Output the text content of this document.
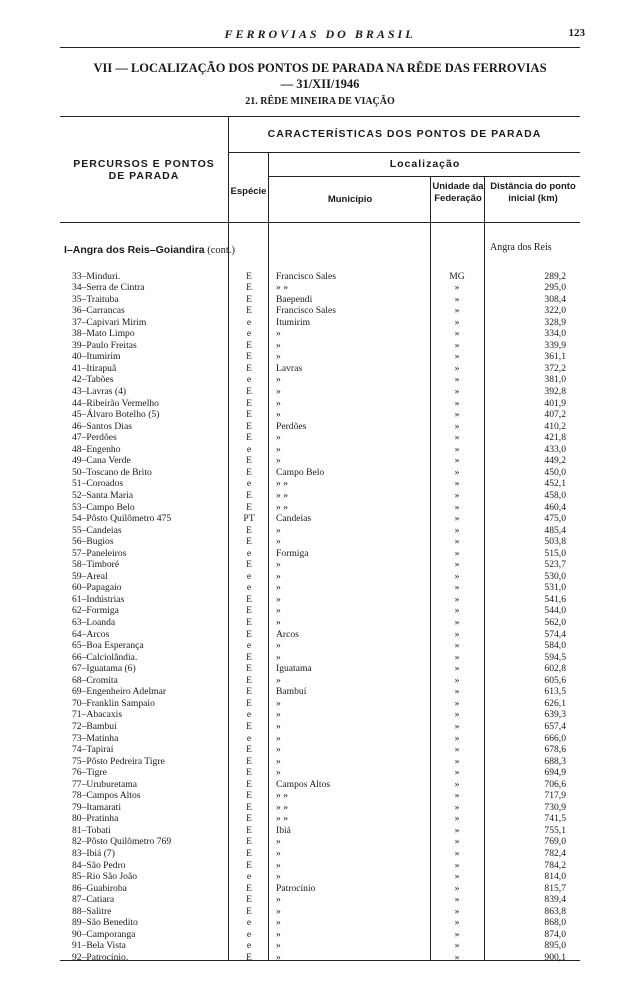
FERROVIAS DO BRASIL	123
VII — LOCALIZAÇÃO DOS PONTOS DE PARADA NA RÊDE DAS FERROVIAS
— 31/XII/1946
21. RÊDE MINEIRA DE VIAÇÃO
PERCURSOS E PONTOS DE PARADA
CARACTERÍSTICAS DOS PONTOS DE PARADA
Localização
Espécie
Município
Unidade da Federação
Distância do ponto inicial (km)
I–Angra dos Reis–Goiandira (cont.)	Angra dos Reis
33–Minduri.	E	Francisco Sales	MG	289,2
34–Serra de Cintra	E	» »	»	295,0
35–Traituba	E	Baependi	»	308,4
36–Carrancas	E	Francisco Sales	»	322,0
37–Capivari Mirim	e	Itumirim	»	328,9
38–Mato Limpo	e	»	»	334,0
39–Paulo Freitas	E	»	»	339,9
40–Itumirim	E	»	»	361,1
41–Itirapuã	E	Lavras	»	372,2
42–Tabões	e	»	»	381,0
43–Lavras (4)	E	»	»	392,8
44–Ribeirão Vermelho	E	»	»	401,9
45–Álvaro Botelho (5)	E	»	»	407,2
46–Santos Dias	E	Perdões	»	410,2
47–Perdões	E	»	»	421,8
48–Engenho	e	»	»	433,0
49–Cana Verde	E	»	»	449,2
50–Toscano de Brito	E	Campo Belo	»	450,0
51–Coroados	e	» »	»	452,1
52–Santa Maria	E	» »	»	458,0
53–Campo Belo	E	» »	»	460,4
54–Pôsto Quilômetro 475	PT	Candeias	»	475,0
55–Candeias	E	»	»	485,4
56–Bugios	E	»	»	503,8
57–Paneleiros	e	Formiga	»	515,0
58–Timboré	E	»	»	523,7
59–Areal	e	»	»	530,0
60–Papagaio	e	»	»	531,0
61–Indústrias	E	»	»	541,6
62–Formiga	E	»	»	544,0
63–Loanda	E	»	»	562,0
64–Arcos	E	Arcos	»	574,4
65–Boa Esperança	e	»	»	584,0
66–Calciolândia.	E	»	»	594,5
67–Iguatama (6)	E	Iguatama	»	602,8
68–Cromita	E	»	»	605,6
69–Engenheiro Adelmar	E	Bambuí	»	613,5
70–Franklin Sampaio	E	»	»	626,1
71–Abacaxis	e	»	»	639,3
72–Bambuí	E	»	»	657,4
73–Matinha	e	»	»	666,0
74–Tapiraí	E	»	»	678,6
75–Pôsto Pedreira Tigre	E	»	»	688,3
76–Tigre	E	»	»	694,9
77–Uruburetama	E	Campos Altos	»	706,6
78–Campos Altos	E	» »	»	717,9
79–Itamarati	E	» »	»	730,9
80–Pratinha	E	» »	»	741,5
81–Tobati	E	Ibiá	»	755,1
82–Pôsto Quilômetro 769	E	»	»	769,0
83–Ibiá (7)	E	»	»	782,4
84–São Pedro	E	»	»	784,2
85–Rio São João	e	»	»	814,0
86–Guabiroba	E	Patrocínio	»	815,7
87–Catiara	E	»	»	839,4
88–Salitre	E	»	»	863,8
89–São Benedito	e	»	»	868,0
90–Camporanga	e	»	»	874,0
91–Bela Vista	e	»	»	895,0
92–Patrocínio.	E	»	»	900,1
